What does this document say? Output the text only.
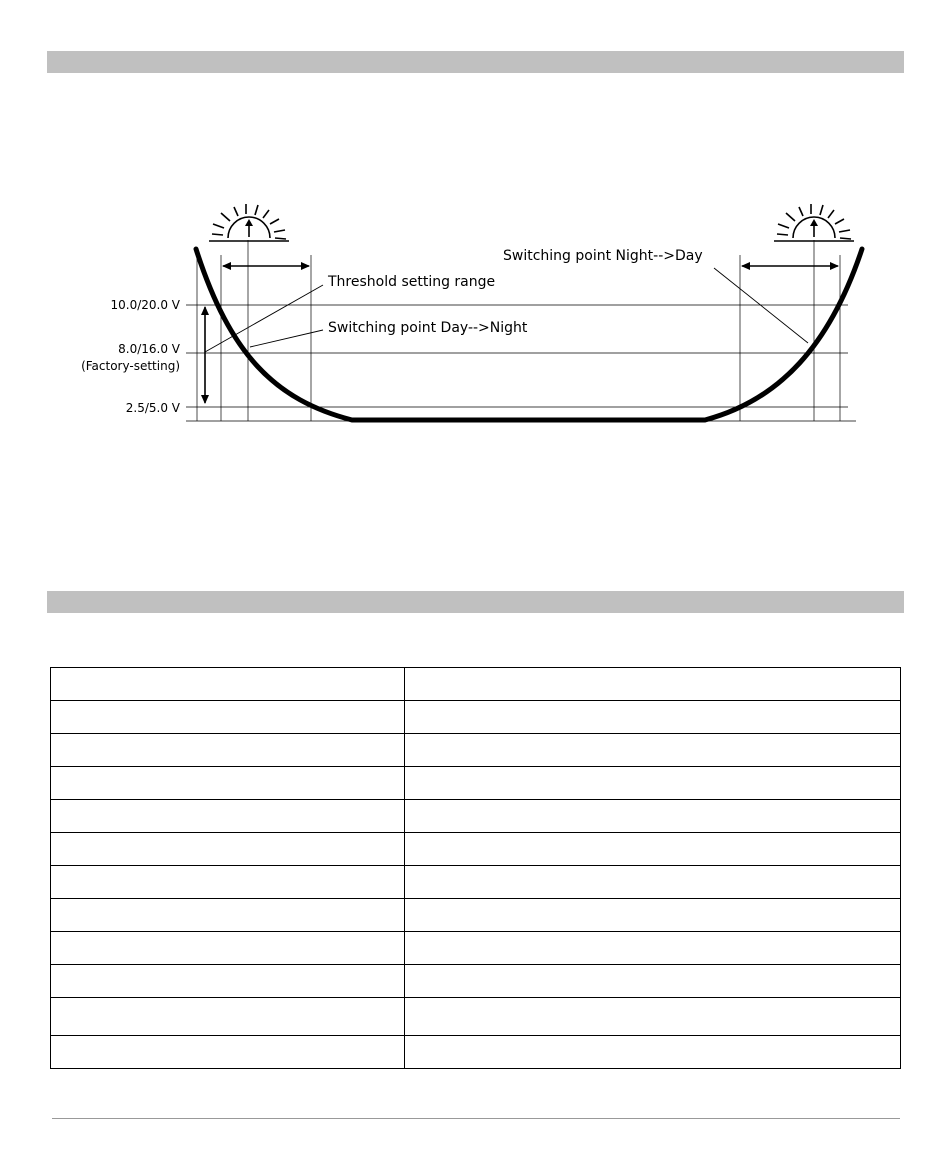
10.0/20.0 V
8.0/16.0 V
(Factory-setting)
2.5/5.0 V
Threshold setting range
Switching point Day-->Night
Switching point Night-->Day
